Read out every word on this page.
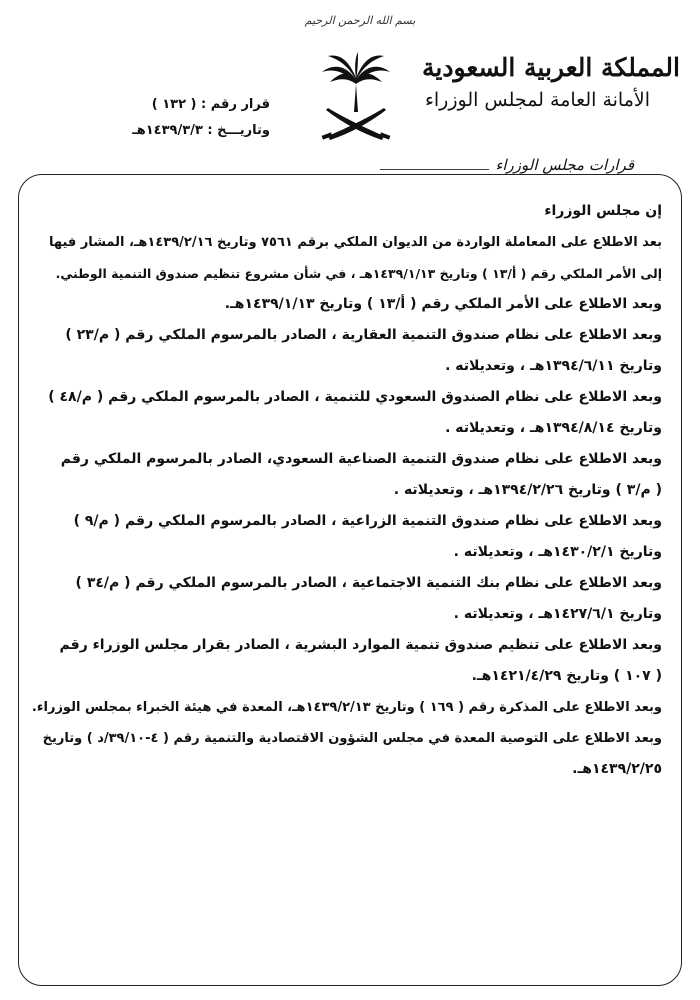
بسم الله الرحمن الرحيم
المملكة العربية السعودية
الأمانة العامة لمجلس الوزراء
قرار رقم : ( ١٣٢ )
وتاريـــخ : ١٤٣٩/٣/٣هـ
قرارات مجلس الوزراء

إن مجلس الوزراء

بعد الاطلاع على المعاملة الواردة من الديوان الملكي برقم ٧٥٦١ وتاريخ ١٤٣٩/٢/١٦هـ، المشار فيها

إلى الأمر الملكي رقم ( أ/١٣ ) وتاريخ ١٤٣٩/١/١٣هـ ، في شأن مشروع تنظيم صندوق التنمية الوطني.

وبعد الاطلاع على الأمر الملكي رقم ( أ/١٣ ) وتاريخ ١٤٣٩/١/١٣هـ.

وبعد الاطلاع على نظام صندوق التنمية العقارية ، الصادر بالمرسوم الملكي رقم ( م/٢٣ )

وتاريخ ١٣٩٤/٦/١١هـ ، وتعديلاته .

وبعد الاطلاع على نظام الصندوق السعودي للتنمية ، الصادر بالمرسوم الملكي رقم ( م/٤٨ )

وتاريخ ١٣٩٤/٨/١٤هـ ، وتعديلاته .

وبعد الاطلاع على نظام صندوق التنمية الصناعية السعودي، الصادر بالمرسوم الملكي رقم

( م/٣ ) وتاريخ ١٣٩٤/٢/٢٦هـ ، وتعديلاته .

وبعد الاطلاع على نظام صندوق التنمية الزراعية ، الصادر بالمرسوم الملكي رقم ( م/٩ )

وتاريخ ١٤٣٠/٢/١هـ ، وتعديلاته .

وبعد الاطلاع على نظام بنك التنمية الاجتماعية ، الصادر بالمرسوم الملكي رقم ( م/٣٤ )

وتاريخ ١٤٢٧/٦/١هـ ، وتعديلاته .

وبعد الاطلاع على تنظيم صندوق تنمية الموارد البشرية ، الصادر بقرار مجلس الوزراء رقم

( ١٠٧ ) وتاريخ ١٤٢١/٤/٢٩هـ.

وبعد الاطلاع على المذكرة رقم ( ١٦٩ ) وتاريخ ١٤٣٩/٢/١٣هـ، المعدة في هيئة الخبراء بمجلس الوزراء.

وبعد الاطلاع على التوصية المعدة في مجلس الشؤون الاقتصادية والتنمية رقم ( ٤-٣٩/١٠/د ) وتاريخ

١٤٣٩/٢/٢٥هـ.
